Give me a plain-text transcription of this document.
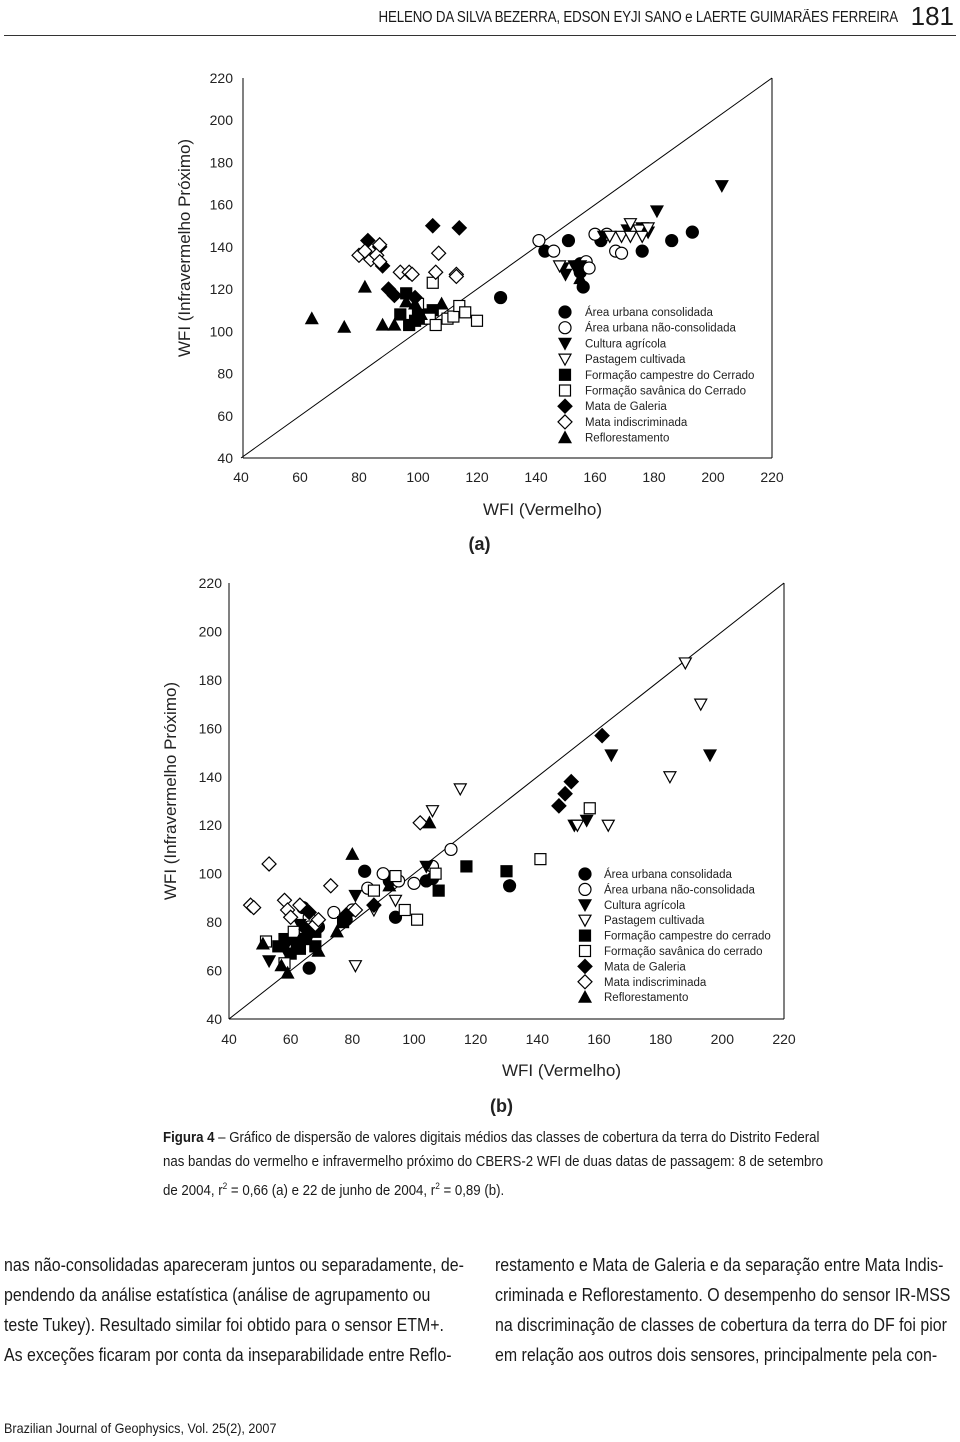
HELENO DA SILVA BEZERRA, EDSON EYJI SANO e LAERTE GUIMARÃES FERREIRA 181
40
60
80
100
120
140
160
180
200
220
40	60	80	100	120	140	160	180	200	220
WFI (Vermelho)
WFI (Infravermelho Próximo)
(a)
Área urbana consolidada
Área urbana não-consolidada
Cultura agrícola
Pastagem cultivada
Formação campestre do Cerrado
Formação savânica do Cerrado
Mata de Galeria
Mata indiscriminada
Reflorestamento
40
60
80
100
120
140
160
180
200
220
40	60	80	100	120	140	160	180	200	220
WFI (Vermelho)
WFI (Infravermelho Próximo)
(b)
Área urbana consolidada
Área urbana não-consolidada
Cultura agrícola
Pastagem cultivada
Formação campestre do cerrado
Formação savânica do cerrado
Mata de Galeria
Mata indiscriminada
Reflorestamento
Figura 4 – Gráfico de dispersão de valores digitais médios das classes de cobertura da terra do Distrito Federal
nas bandas do vermelho e infravermelho próximo do CBERS-2 WFI de duas datas de passagem: 8 de setembro
de 2004, $r^2 = 0,66$ (a) e 22 de junho de 2004, $r^2 = 0,89$ (b).
nas não-consolidadas apareceram juntos ou separadamente, de-
pendendo da análise estatística (análise de agrupamento ou
teste Tukey). Resultado similar foi obtido para o sensor ETM+.
As exceções ficaram por conta da inseparabilidade entre Reflo-
restamento e Mata de Galeria e da separação entre Mata Indis-
criminada e Reflorestamento. O desempenho do sensor IR-MSS
na discriminação de classes de cobertura da terra do DF foi pior
em relação aos outros dois sensores, principalmente pela con-
Brazilian Journal of Geophysics, Vol. 25(2), 2007
